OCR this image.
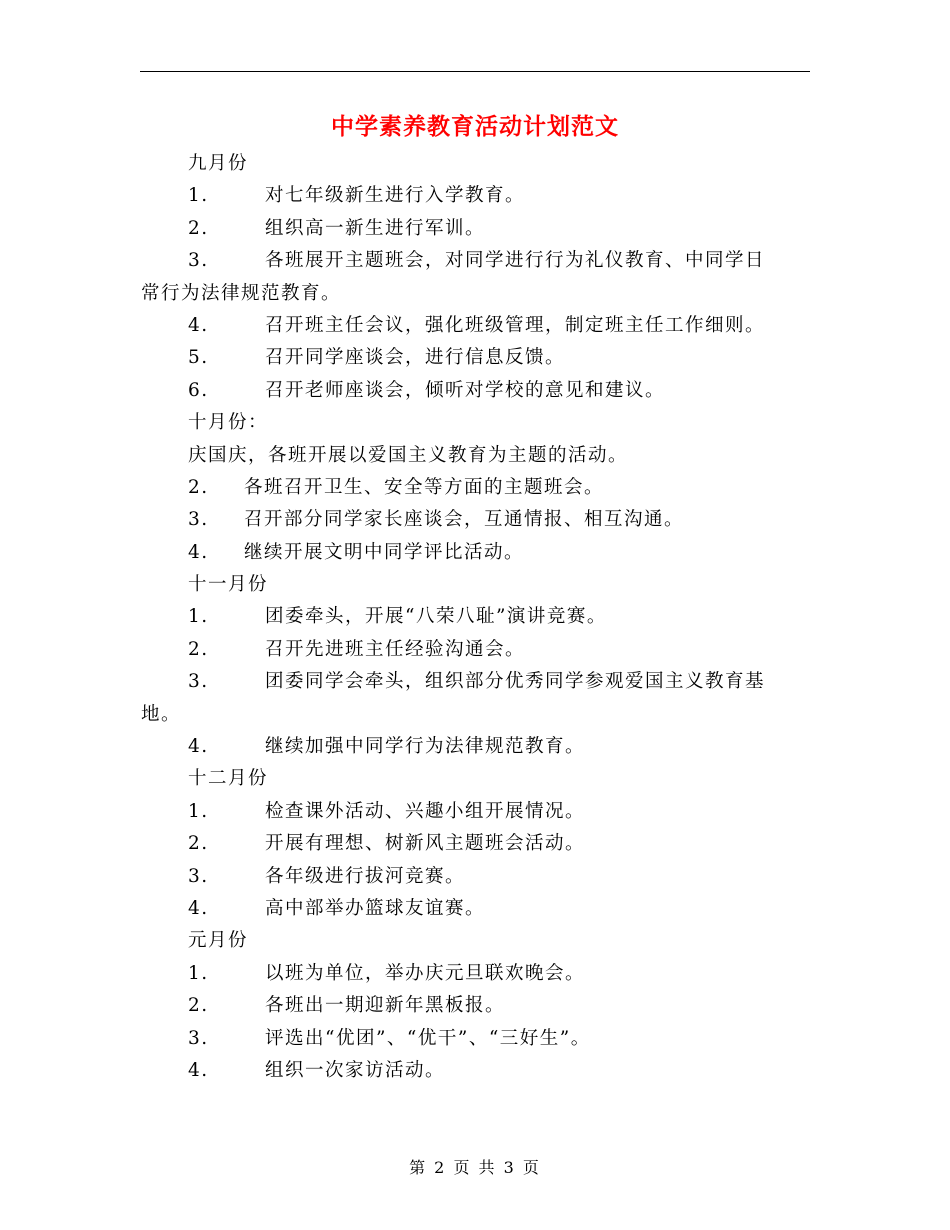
中学素养教育活动计划范文
九月份
1.	对七年级新生进行入学教育。
2.	组织高一新生进行军训。
3.	各班展开主题班会，对同学进行行为礼仪教育、中同学日
常行为法律规范教育。
4.	召开班主任会议，强化班级管理，制定班主任工作细则。
5.	召开同学座谈会，进行信息反馈。
6.	召开老师座谈会，倾听对学校的意见和建议。
十月份：
庆国庆，各班开展以爱国主义教育为主题的活动。
2.	各班召开卫生、安全等方面的主题班会。
3.	召开部分同学家长座谈会，互通情报、相互沟通。
4.	继续开展文明中同学评比活动。
十一月份
1.	团委牵头，开展“八荣八耻”演讲竞赛。
2.	召开先进班主任经验沟通会。
3.	团委同学会牵头，组织部分优秀同学参观爱国主义教育基
地。
4.	继续加强中同学行为法律规范教育。
十二月份
1.	检查课外活动、兴趣小组开展情况。
2.	开展有理想、树新风主题班会活动。
3.	各年级进行拔河竞赛。
4.	高中部举办篮球友谊赛。
元月份
1.	以班为单位，举办庆元旦联欢晚会。
2.	各班出一期迎新年黑板报。
3.	评选出“优团”、“优干”、“三好生”。
4.	组织一次家访活动。
第 2 页 共 3 页
